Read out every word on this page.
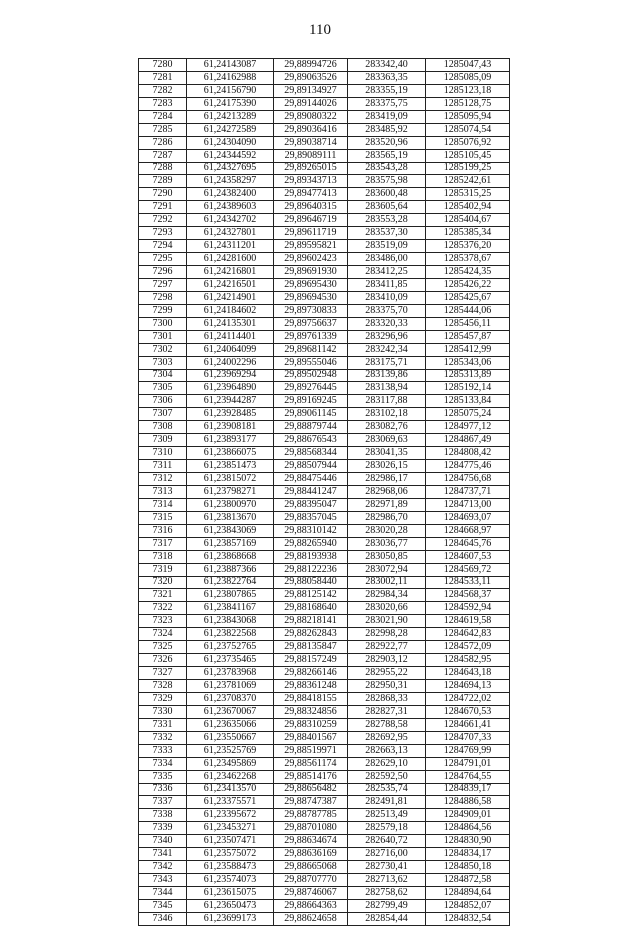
110
7280	61,24143087	29,88994726	283342,40	1285047,43
7281	61,24162988	29,89063526	283363,35	1285085,09
7282	61,24156790	29,89134927	283355,19	1285123,18
7283	61,24175390	29,89144026	283375,75	1285128,75
7284	61,24213289	29,89080322	283419,09	1285095,94
7285	61,24272589	29,89036416	283485,92	1285074,54
7286	61,24304090	29,89038714	283520,96	1285076,92
7287	61,24344592	29,89089111	283565,19	1285105,45
7288	61,24327695	29,89265015	283543,28	1285199,25
7289	61,24358297	29,89343713	283575,98	1285242,61
7290	61,24382400	29,89477413	283600,48	1285315,25
7291	61,24389603	29,89640315	283605,64	1285402,94
7292	61,24342702	29,89646719	283553,28	1285404,67
7293	61,24327801	29,89611719	283537,30	1285385,34
7294	61,24311201	29,89595821	283519,09	1285376,20
7295	61,24281600	29,89602423	283486,00	1285378,67
7296	61,24216801	29,89691930	283412,25	1285424,35
7297	61,24216501	29,89695430	283411,85	1285426,22
7298	61,24214901	29,89694530	283410,09	1285425,67
7299	61,24184602	29,89730833	283375,70	1285444,06
7300	61,24135301	29,89756637	283320,33	1285456,11
7301	61,24114401	29,89761339	283296,96	1285457,87
7302	61,24064099	29,89681142	283242,34	1285412,99
7303	61,24002296	29,89555046	283175,71	1285343,06
7304	61,23969294	29,89502948	283139,86	1285313,89
7305	61,23964890	29,89276445	283138,94	1285192,14
7306	61,23944287	29,89169245	283117,88	1285133,84
7307	61,23928485	29,89061145	283102,18	1285075,24
7308	61,23908181	29,88879744	283082,76	1284977,12
7309	61,23893177	29,88676543	283069,63	1284867,49
7310	61,23866075	29,88568344	283041,35	1284808,42
7311	61,23851473	29,88507944	283026,15	1284775,46
7312	61,23815072	29,88475446	282986,17	1284756,68
7313	61,23798271	29,88441247	282968,06	1284737,71
7314	61,23800970	29,88395047	282971,89	1284713,00
7315	61,23813670	29,88357045	282986,70	1284693,07
7316	61,23843069	29,88310142	283020,28	1284668,97
7317	61,23857169	29,88265940	283036,77	1284645,76
7318	61,23868668	29,88193938	283050,85	1284607,53
7319	61,23887366	29,88122236	283072,94	1284569,72
7320	61,23822764	29,88058440	283002,11	1284533,11
7321	61,23807865	29,88125142	282984,34	1284568,37
7322	61,23841167	29,88168640	283020,66	1284592,94
7323	61,23843068	29,88218141	283021,90	1284619,58
7324	61,23822568	29,88262843	282998,28	1284642,83
7325	61,23752765	29,88135847	282922,77	1284572,09
7326	61,23735465	29,88157249	282903,12	1284582,95
7327	61,23783968	29,88266146	282955,22	1284643,18
7328	61,23781069	29,88361248	282950,31	1284694,13
7329	61,23708370	29,88418155	282868,33	1284722,02
7330	61,23670067	29,88324856	282827,31	1284670,53
7331	61,23635066	29,88310259	282788,58	1284661,41
7332	61,23550667	29,88401567	282692,95	1284707,33
7333	61,23525769	29,88519971	282663,13	1284769,99
7334	61,23495869	29,88561174	282629,10	1284791,01
7335	61,23462268	29,88514176	282592,50	1284764,55
7336	61,23413570	29,88656482	282535,74	1284839,17
7337	61,23375571	29,88747387	282491,81	1284886,58
7338	61,23395672	29,88787785	282513,49	1284909,01
7339	61,23453271	29,88701080	282579,18	1284864,56
7340	61,23507471	29,88634674	282640,72	1284830,90
7341	61,23575072	29,88636169	282716,00	1284834,17
7342	61,23588473	29,88665068	282730,41	1284850,18
7343	61,23574073	29,88707770	282713,62	1284872,58
7344	61,23615075	29,88746067	282758,62	1284894,64
7345	61,23650473	29,88664363	282799,49	1284852,07
7346	61,23699173	29,88624658	282854,44	1284832,54
